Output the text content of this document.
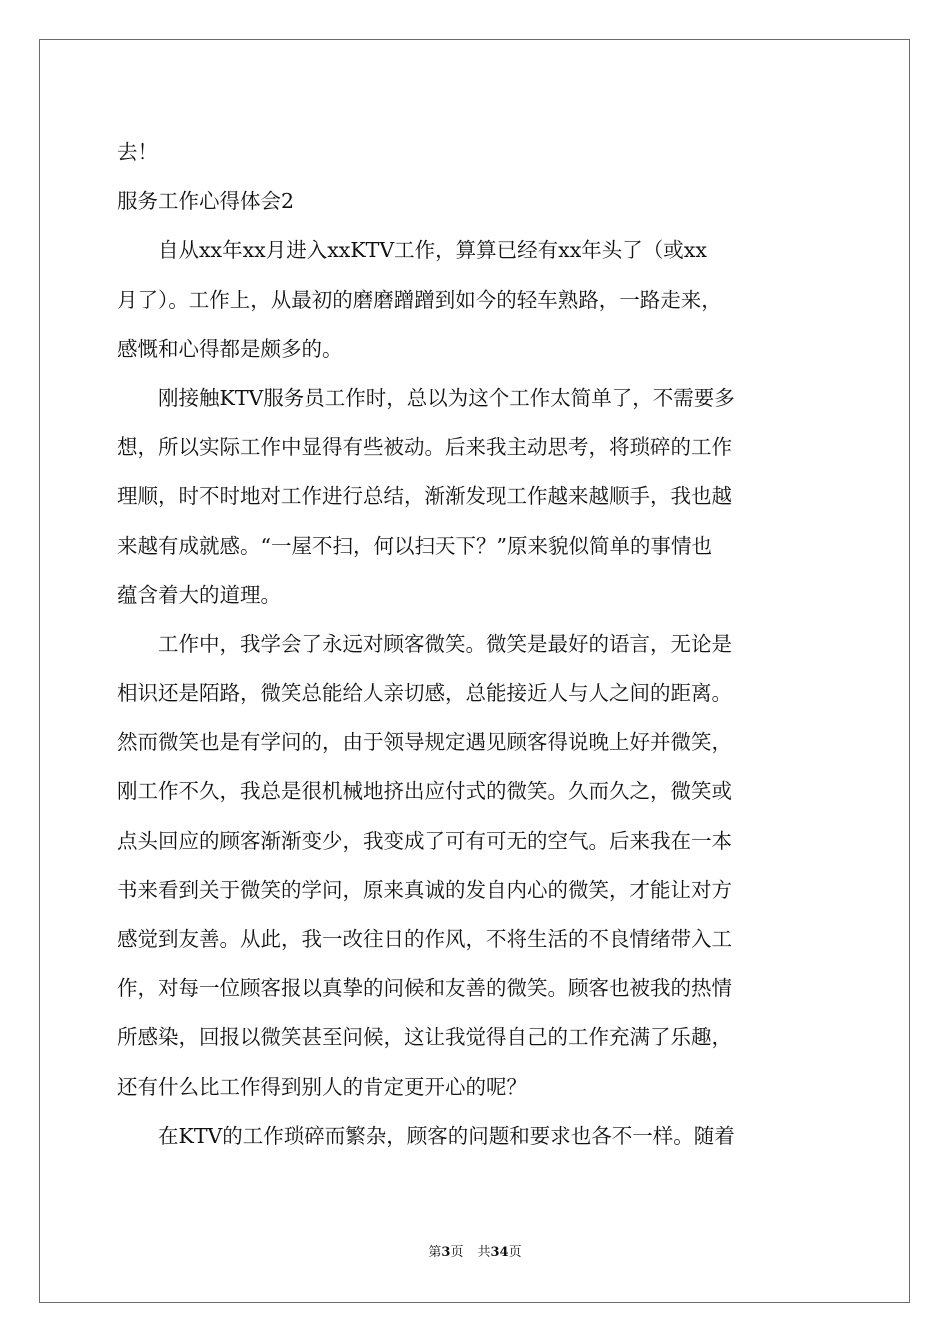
去！
服务工作心得体会2
　　自从xx年xx月进入xxKTV工作，算算已经有xx年头了（或xx
月了）。工作上，从最初的磨磨蹭蹭到如今的轻车熟路，一路走来，
感慨和心得都是颇多的。
　　刚接触KTV服务员工作时，总以为这个工作太简单了，不需要多
想，所以实际工作中显得有些被动。后来我主动思考，将琐碎的工作
理顺，时不时地对工作进行总结，渐渐发现工作越来越顺手，我也越
来越有成就感。“一屋不扫，何以扫天下？”原来貌似简单的事情也
蕴含着大的道理。
　　工作中，我学会了永远对顾客微笑。微笑是最好的语言，无论是
相识还是陌路，微笑总能给人亲切感，总能接近人与人之间的距离。
然而微笑也是有学问的，由于领导规定遇见顾客得说晚上好并微笑，
刚工作不久，我总是很机械地挤出应付式的微笑。久而久之，微笑或
点头回应的顾客渐渐变少，我变成了可有可无的空气。后来我在一本
书来看到关于微笑的学问，原来真诚的发自内心的微笑，才能让对方
感觉到友善。从此，我一改往日的作风，不将生活的不良情绪带入工
作，对每一位顾客报以真挚的问候和友善的微笑。顾客也被我的热情
所感染，回报以微笑甚至问候，这让我觉得自己的工作充满了乐趣，
还有什么比工作得到别人的肯定更开心的呢？
　　在KTV的工作琐碎而繁杂，顾客的问题和要求也各不一样。随着
第3页 共34页
